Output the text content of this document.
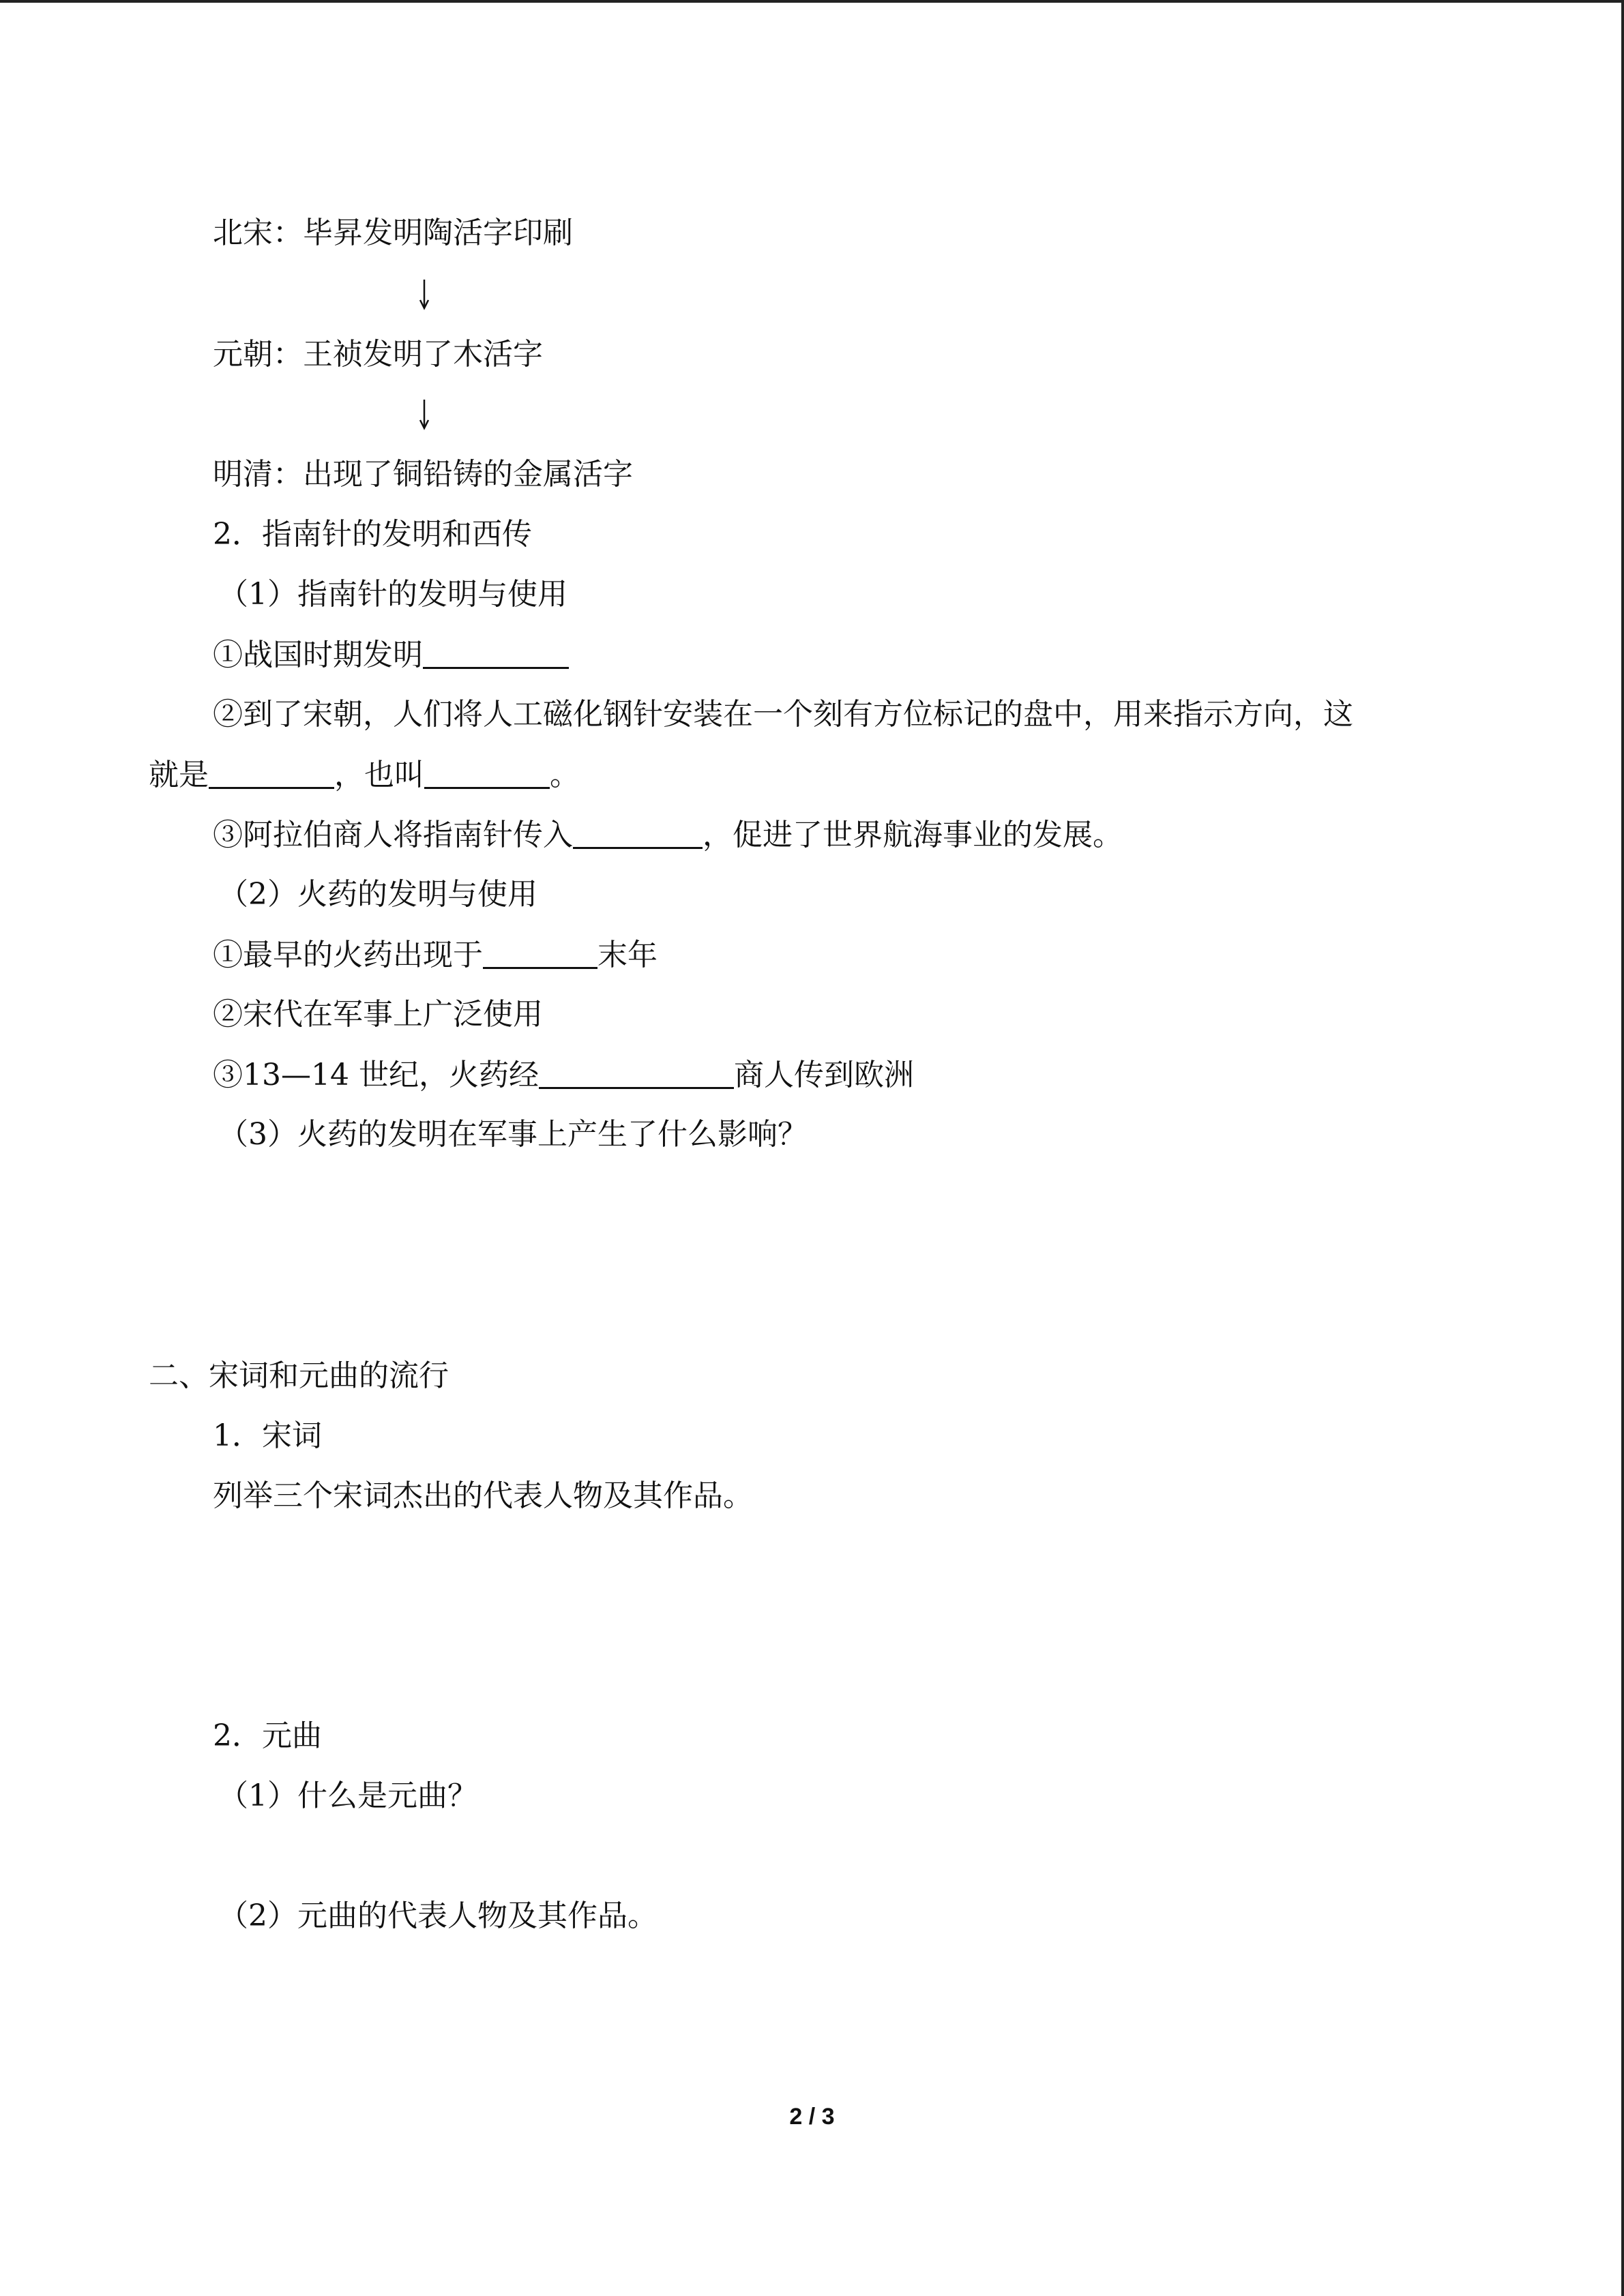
北宋：毕昇发明陶活字印刷
元朝：王祯发明了木活字
明清：出现了铜铅铸的金属活字
2．指南针的发明和西传
（1）指南针的发明与使用
①战国时期发明
②到了宋朝，人们将人工磁化钢针安装在一个刻有方位标记的盘中，用来指示方向，这
就是	，也叫	。
③阿拉伯商人将指南针传入	，促进了世界航海事业的发展。
（2）火药的发明与使用
①最早的火药出现于	末年
②宋代在军事上广泛使用
③13—14 世纪，火药经	商人传到欧洲
（3）火药的发明在军事上产生了什么影响？
二、宋词和元曲的流行
1．宋词
列举三个宋词杰出的代表人物及其作品。
2．元曲
（1）什么是元曲？
（2）元曲的代表人物及其作品。
2 / 3
